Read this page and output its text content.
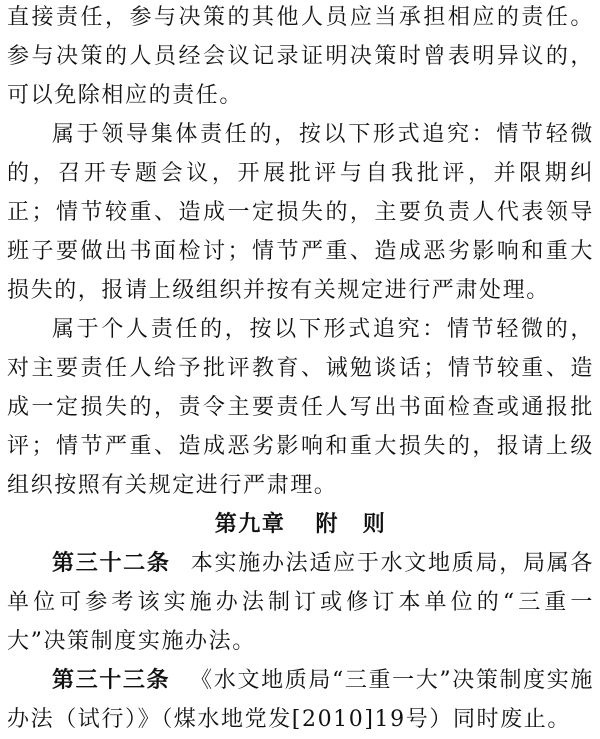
直接责任，参与决策的其他人员应当承担相应的责任。参与决策的人员经会议记录证明决策时曾表明异议的，可以免除相应的责任。

属于领导集体责任的，按以下形式追究：情节轻微的，召开专题会议，开展批评与自我批评，并限期纠正；情节较重、造成一定损失的，主要负责人代表领导班子要做出书面检讨；情节严重、造成恶劣影响和重大损失的，报请上级组织并按有关规定进行严肃处理。

属于个人责任的，按以下形式追究：情节轻微的，对主要责任人给予批评教育、诫勉谈话；情节较重、造成一定损失的，责令主要责任人写出书面检查或通报批评；情节严重、造成恶劣影响和重大损失的，报请上级组织按照有关规定进行严肃理。

第九章 附　则

第三十二条 本实施办法适应于水文地质局，局属各单位可参考该实施办法制订或修订本单位的“三重一大”决策制度实施办法。

第三十三条 《水文地质局“三重一大”决策制度实施办法（试行）》（煤水地党发[2010]19号）同时废止。
